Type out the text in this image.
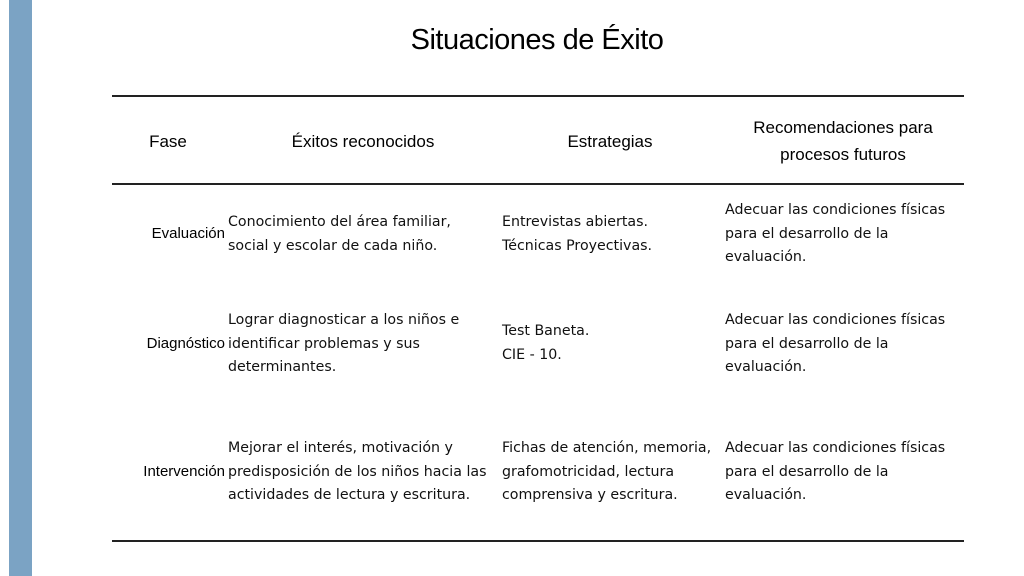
Situaciones de Éxito
Fase	Éxitos reconocidos	Estrategias
Recomendaciones para
procesos futuros
Evaluación
Conocimiento del área familiar,
social y escolar de cada niño.
Entrevistas abiertas.
Técnicas Proyectivas.
Adecuar las condiciones físicas
para el desarrollo de la
evaluación.
Diagnóstico
Lograr diagnosticar a los niños e
identificar problemas y sus
determinantes.
Test Baneta.
CIE - 10.
Adecuar las condiciones físicas
para el desarrollo de la
evaluación.
Intervención
Mejorar el interés, motivación y
predisposición de los niños hacia las
actividades de lectura y escritura.
Fichas de atención, memoria,
grafomotricidad, lectura
comprensiva y escritura.
Adecuar las condiciones físicas
para el desarrollo de la
evaluación.
